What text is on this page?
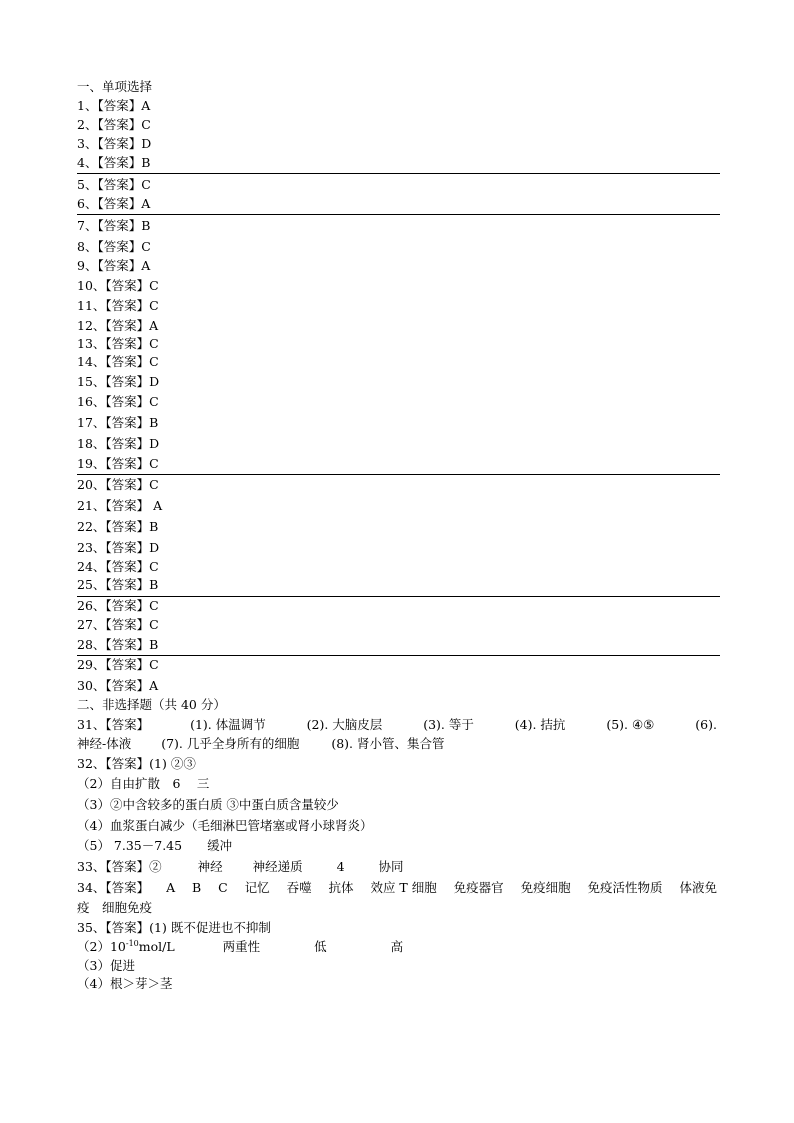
一、单项选择
1、【答案】A
2、【答案】C
3、【答案】D
4、【答案】B
5、【答案】C
6、【答案】A
7、【答案】B
8、【答案】C
9、【答案】A
10、【答案】C
11、【答案】C
12、【答案】A
13、【答案】C
14、【答案】C
15、【答案】D
16、【答案】C
17、【答案】B
18、【答案】D
19、【答案】C
20、【答案】C
21、【答案】 A
22、【答案】B
23、【答案】D
24、【答案】C
25、【答案】B
26、【答案】C
27、【答案】C
28、【答案】B
29、【答案】C
30、【答案】A
二、非选择题（共 40 分）
31、【答案】	(1). 体温调节	(2). 大脑皮层	(3). 等于	(4). 拮抗	(5). ④⑤	(6).
神经-体液 (7). 几乎全身所有的细胞	(8). 肾小管、集合管
32、【答案】(1) ②③
（2）自由扩散　6　 三
（3）②中含较多的蛋白质 ③中蛋白质含量较少
（4）血浆蛋白减少（毛细淋巴管堵塞或肾小球肾炎）
（5） 7.35－7.45　　缓冲
33、【答案】②	神经 神经递质	4	协同
34、【答案】 A B C 记忆 吞噬 抗体 效应 T 细胞 免疫器官 免疫细胞 免疫活性物质 体液免
疫　细胞免疫
35、【答案】(1) 既不促进也不抑制
$(2)10^{-10}mol/L$	两重性	低	高
（3）促进
（4）根＞芽＞茎
